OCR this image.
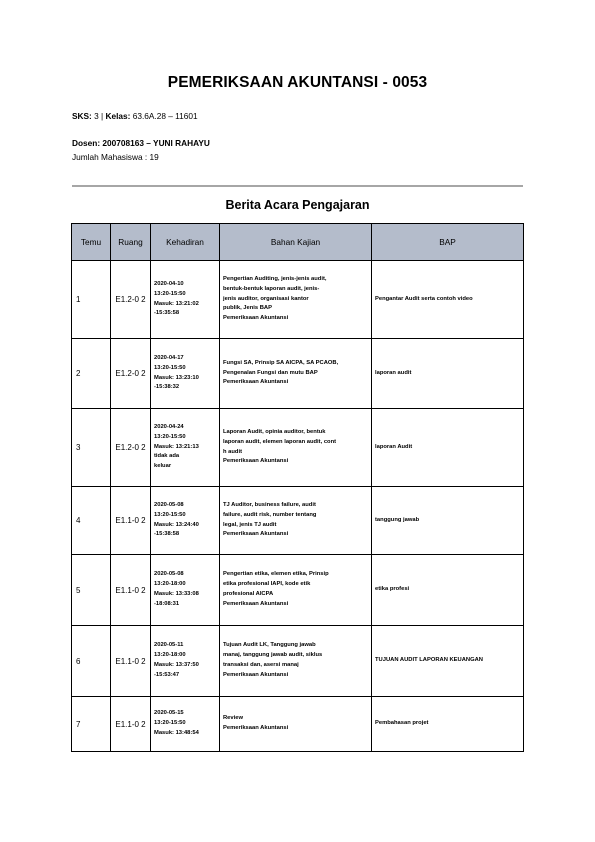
PEMERIKSAAN AKUNTANSI - 0053
SKS: 3 | Kelas: 63.6A.28 – 11601
Dosen: 200708163 – YUNI RAHAYU
Jumlah Mahasiswa : 19
Berita Acara Pengajaran
Temu	Ruang	Kehadiran	Bahan Kajian	BAP
1	E1.2-0 2	2020-04-10
13:20-15:50
Masuk: 13:21:02
-15:35:58	Pengertian Auditing, jenis-jenis audit,
bentuk-bentuk laporan audit, jenis-
jenis auditor, organisasi kantor
publik, Jenis BAP
Pemeriksaan Akuntansi	Pengantar Audit serta contoh video
2	E1.2-0 2	2020-04-17
13:20-15:50
Masuk: 13:23:10
-15:38:32	Fungsi SA, Prinsip SA AICPA, SA PCAOB,
Pengenalan Fungsi dan mutu BAP
Pemeriksaan Akuntansi	laporan audit
3	E1.2-0 2	2020-04-24
13:20-15:50
Masuk: 13:21:13
tidak ada
keluar	Laporan Audit, opinia auditor, bentuk
laporan audit, elemen laporan audit, cont
h audit
Pemeriksaan Akuntansi	laporan Audit
4	E1.1-0 2	2020-05-08
13:20-15:50
Masuk: 13:24:40
-15:38:58	TJ Auditor, business failure, audit
failure, audit risk, number tentang
legal, jenis TJ audit
Pemeriksaan Akuntansi	tanggung jawab
5	E1.1-0 2	2020-05-08
13:20-18:00
Masuk: 13:33:08
-18:08:31	Pengertian etika, elemen etika, Prinsip
etika profesional IAPI, kode etik
profesional AICPA
Pemeriksaan Akuntansi	etika profesi
6	E1.1-0 2	2020-05-11
13:20-18:00
Masuk: 13:37:50
-15:53:47	Tujuan Audit LK, Tanggung jawab
manaj, tanggung jawab audit, siklus
transaksi dan, asersi manaj
Pemeriksaan Akuntansi	TUJUAN AUDIT LAPORAN KEUANGAN
7	E1.1-0 2	2020-05-15
13:20-15:50
Masuk: 13:48:54	Review
Pemeriksaan Akuntansi	Pembahasan projet
